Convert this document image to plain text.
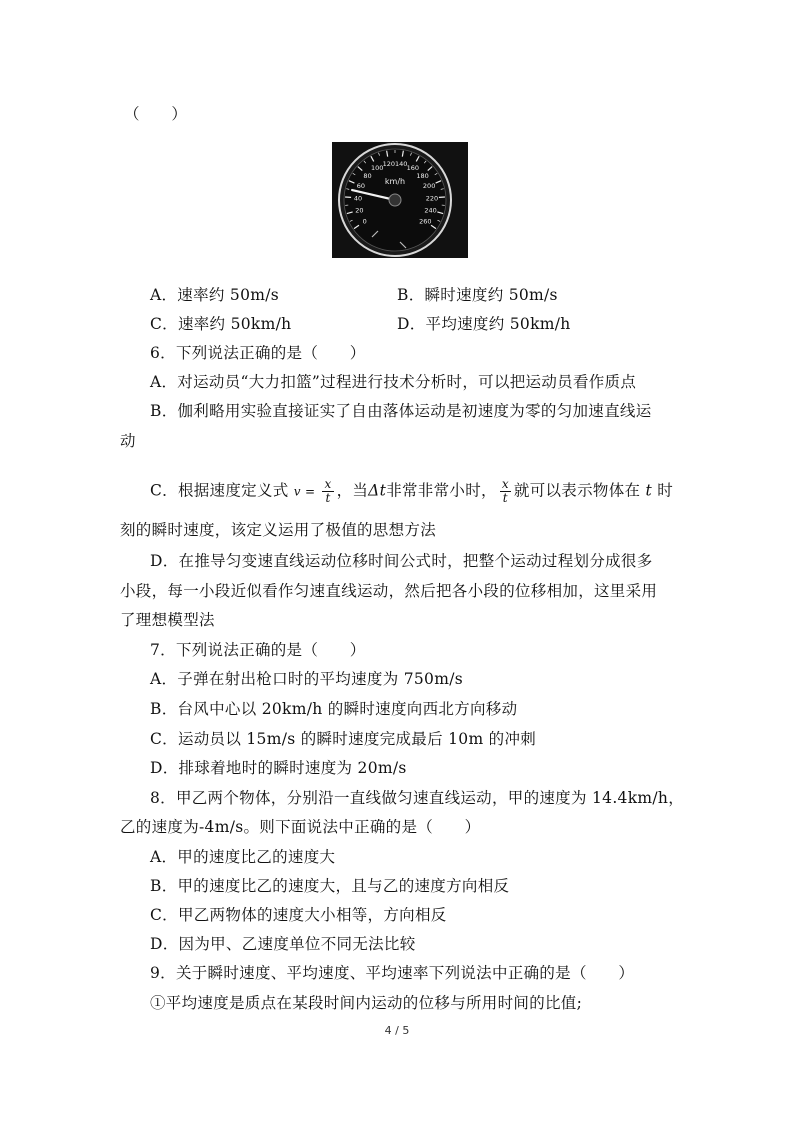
（　　）
0
20
40
60
80
100
120 140
160
180
200
220
240
260
km/h
A．速率约 50m/s	B．瞬时速度约 50m/s
C．速率约 50km/h	D．平均速度约 50km/h
6．下列说法正确的是（　　）
A．对运动员“大力扣篮”过程进行技术分析时，可以把运动员看作质点
B．伽利略用实验直接证实了自由落体运动是初速度为零的匀加速直线运
动
C．根据速度定义式 $v = \frac{x}{t}$ ，当Δt非常非常小时， $\frac{x}{t}$ 就可以表示物体在 t 时
刻的瞬时速度，该定义运用了极值的思想方法
D．在推导匀变速直线运动位移时间公式时，把整个运动过程划分成很多
小段，每一小段近似看作匀速直线运动，然后把各小段的位移相加，这里采用
了理想模型法
7．下列说法正确的是（　　）
A．子弹在射出枪口时的平均速度为 750m/s
B．台风中心以 20km/h 的瞬时速度向西北方向移动
C．运动员以 15m/s 的瞬时速度完成最后 10m 的冲刺
D．排球着地时的瞬时速度为 20m/s
8．甲乙两个物体，分别沿一直线做匀速直线运动，甲的速度为 14.4km/h，
乙的速度为-4m/s。则下面说法中正确的是（　　）
A．甲的速度比乙的速度大
B．甲的速度比乙的速度大，且与乙的速度方向相反
C．甲乙两物体的速度大小相等，方向相反
D．因为甲、乙速度单位不同无法比较
9．关于瞬时速度、平均速度、平均速率下列说法中正确的是（　　）
①平均速度是质点在某段时间内运动的位移与所用时间的比值;
4 / 5
